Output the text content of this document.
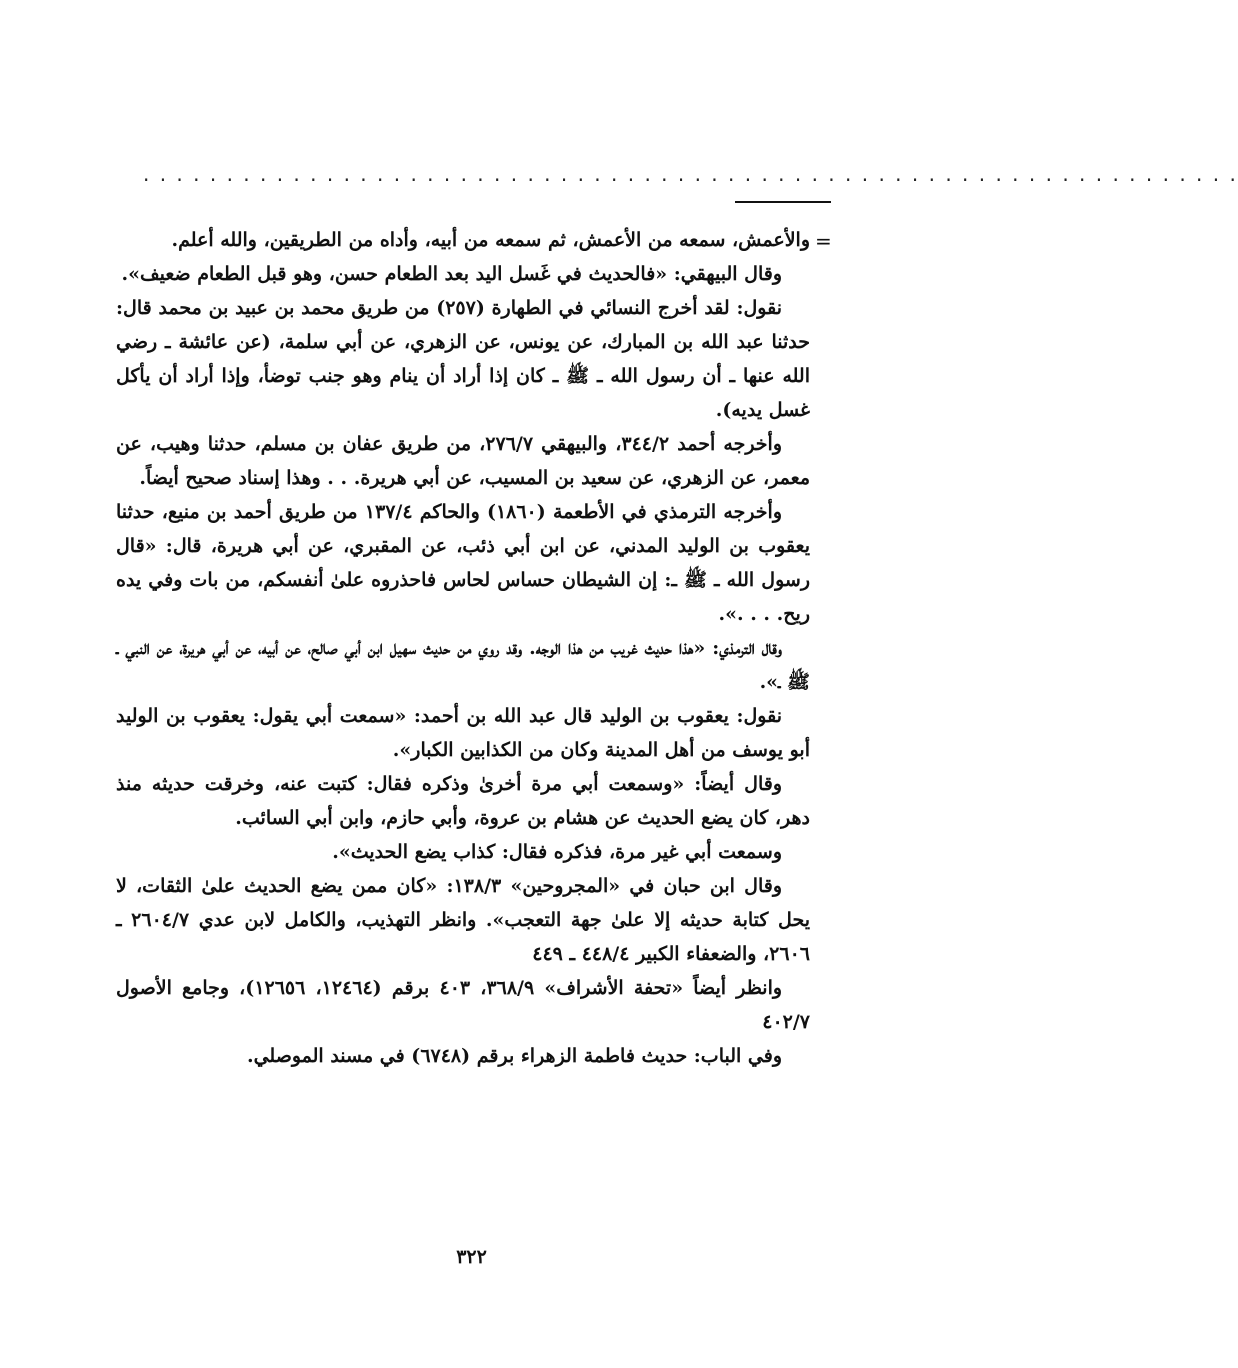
. . . . . . . . . . . . . . . . . . . . . . . . . . . . . . . . . . . . . . . . . . . . . . . . . . . . . . . . . . . . . . . . . .
=

والأعمش، سمعه من الأعمش، ثم سمعه من أبيه، وأداه من الطريقين، والله أعلم.

وقال البيهقي: «فالحديث في غَسل اليد بعد الطعام حسن، وهو قبل الطعام ضعيف».

نقول: لقد أخرج النسائي في الطهارة (٢٥٧) من طريق محمد بن عبيد بن محمد قال: حدثنا عبد الله بن المبارك، عن يونس، عن الزهري، عن أبي سلمة، (عن عائشة ـ رضي الله عنها ـ أن رسول الله ـ ﷺ ـ كان إذا أراد أن ينام وهو جنب توضأ، وإذا أراد أن يأكل غسل يديه).

وأخرجه أحمد ٣٤٤/٢، والبيهقي ٢٧٦/٧، من طريق عفان بن مسلم، حدثنا وهيب، عن معمر، عن الزهري، عن سعيد بن المسيب، عن أبي هريرة. . . وهذا إسناد صحيح أيضاً.

وأخرجه الترمذي في الأطعمة (١٨٦٠) والحاكم ١٣٧/٤ من طريق أحمد بن منيع، حدثنا يعقوب بن الوليد المدني، عن ابن أبي ذئب، عن المقبري، عن أبي هريرة، قال: «قال رسول الله ـ ﷺ ـ: إن الشيطان حساس لحاس فاحذروه علىٰ أنفسكم، من بات وفي يده ريح. . . .».

وقال الترمذي: «هذا حديث غريب من هذا الوجه. وقد روي من حديث سهيل ابن أبي صالح، عن أبيه، عن أبي هريرة، عن النبي ـ ﷺ ـ».

نقول: يعقوب بن الوليد قال عبد الله بن أحمد: «سمعت أبي يقول: يعقوب بن الوليد أبو يوسف من أهل المدينة وكان من الكذابين الكبار».

وقال أيضاً: «وسمعت أبي مرة أخرىٰ وذكره فقال: كتبت عنه، وخرقت حديثه منذ دهر، كان يضع الحديث عن هشام بن عروة، وأبي حازم، وابن أبي السائب.

وسمعت أبي غير مرة، فذكره فقال: كذاب يضع الحديث».

وقال ابن حبان في «المجروحين» ١٣٨/٣: «كان ممن يضع الحديث علىٰ الثقات، لا يحل كتابة حديثه إلا علىٰ جهة التعجب». وانظر التهذيب، والكامل لابن عدي ٢٦٠٤/٧ ـ ٢٦٠٦، والضعفاء الكبير ٤٤٨/٤ ـ ٤٤٩

وانظر أيضاً «تحفة الأشراف» ٣٦٨/٩، ٤٠٣ برقم (١٢٤٦٤، ١٢٦٥٦)، وجامع الأصول ٤٠٢/٧

وفي الباب: حديث فاطمة الزهراء برقم (٦٧٤٨) في مسند الموصلي.

٣٢٢
